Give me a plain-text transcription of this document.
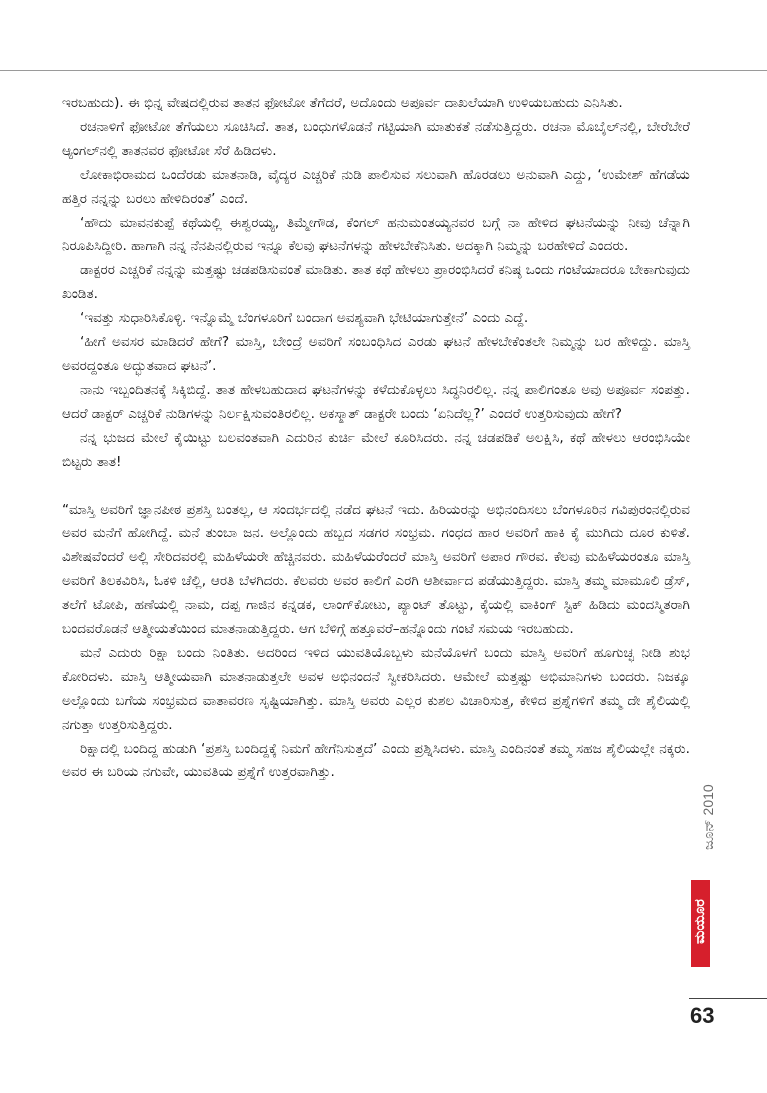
ಇರಬಹುದು). ಈ ಭಿನ್ನ ವೇಷದಲ್ಲಿರುವ ತಾತನ ಫೋಟೋ ತೆಗೆದರೆ, ಅದೊಂದು ಅಪೂರ್ವ ದಾಖಲೆಯಾಗಿ ಉಳಿಯಬಹುದು ಎನಿಸಿತು.

ರಚನಾಳಿಗೆ ಫೋಟೋ ತೆಗೆಯಲು ಸೂಚಿಸಿದೆ. ತಾತ, ಬಂಧುಗಳೊಡನೆ ಗಟ್ಟಿಯಾಗಿ ಮಾತುಕತೆ ನಡೆಸುತ್ತಿದ್ದರು. ರಚನಾ ಮೊಬೈಲ್‌ನಲ್ಲಿ, ಬೇರೆಬೇರೆ ಆ್ಯಂಗಲ್‌ನಲ್ಲಿ ತಾತನವರ ಫೋಟೋ ಸೆರೆ ಹಿಡಿದಳು.

ಲೋಕಾಭಿರಾಮದ ಒಂದೆರಡು ಮಾತನಾಡಿ, ವೈದ್ಯರ ಎಚ್ಚರಿಕೆ ನುಡಿ ಪಾಲಿಸುವ ಸಲುವಾಗಿ ಹೊರಡಲು ಅನುವಾಗಿ ಎದ್ದು, ‘ಉಮೇಶ್ ಹೆಗಡೆಯ ಹತ್ತಿರ ನನ್ನನ್ನು ಬರಲು ಹೇಳಿದಿರಂತೆ’ ಎಂದೆ.

‘ಹೌದು ಮಾವನಕುಪ್ಪೆ ಕಥೆಯಲ್ಲಿ ಈಶ್ವರಯ್ಯ, ತಿಮ್ಮೇಗೌಡ, ಕೆಂಗಲ್ ಹನುಮಂತಯ್ಯನವರ ಬಗ್ಗೆ ನಾ ಹೇಳಿದ ಘಟನೆಯನ್ನು ನೀವು ಚೆನ್ನಾಗಿ ನಿರೂಪಿಸಿದ್ದೀರಿ. ಹಾಗಾಗಿ ನನ್ನ ನೆನಪಿನಲ್ಲಿರುವ ಇನ್ನೂ ಕೆಲವು ಘಟನೆಗಳನ್ನು ಹೇಳಬೇಕೆನಿಸಿತು. ಅದಕ್ಕಾಗಿ ನಿಮ್ಮನ್ನು ಬರಹೇಳಿದೆ ಎಂದರು.

ಡಾಕ್ಟರರ ಎಚ್ಚರಿಕೆ ನನ್ನನ್ನು ಮತ್ತಷ್ಟು ಚಡಪಡಿಸುವಂತೆ ಮಾಡಿತು. ತಾತ ಕಥೆ ಹೇಳಲು ಪ್ರಾರಂಭಿಸಿದರೆ ಕನಿಷ್ಠ ಒಂದು ಗಂಟೆಯಾದರೂ ಬೇಕಾಗುವುದು ಖಂಡಿತ.

‘ಇವತ್ತು ಸುಧಾರಿಸಿಕೊಳ್ಳಿ. ಇನ್ನೊಮ್ಮೆ ಬೆಂಗಳೂರಿಗೆ ಬಂದಾಗ ಅವಶ್ಯವಾಗಿ ಭೇಟಿಯಾಗುತ್ತೇನೆ’ ಎಂದು ಎದ್ದೆ.

‘ಹೀಗೆ ಅವಸರ ಮಾಡಿದರೆ ಹೇಗೆ? ಮಾಸ್ತಿ, ಬೇಂದ್ರೆ ಅವರಿಗೆ ಸಂಬಂಧಿಸಿದ ಎರಡು ಘಟನೆ ಹೇಳಬೇಕೆಂತಲೇ ನಿಮ್ಮನ್ನು ಬರ ಹೇಳಿದ್ದು. ಮಾಸ್ತಿ ಅವರದ್ದಂತೂ ಅದ್ಭುತವಾದ ಘಟನೆ’.

ನಾನು ಇಬ್ಬಂದಿತನಕ್ಕೆ ಸಿಕ್ಕಿಬಿದ್ದೆ. ತಾತ ಹೇಳಬಹುದಾದ ಘಟನೆಗಳನ್ನು ಕಳೆದುಕೊಳ್ಳಲು ಸಿದ್ಧನಿರಲಿಲ್ಲ. ನನ್ನ ಪಾಲಿಗಂತೂ ಅವು ಅಪೂರ್ವ ಸಂಪತ್ತು. ಆದರೆ ಡಾಕ್ಟರ್ ಎಚ್ಚರಿಕೆ ನುಡಿಗಳನ್ನು ನಿರ್ಲಕ್ಷಿಸುವಂತಿರಲಿಲ್ಲ. ಅಕಸ್ಮಾತ್ ಡಾಕ್ಟರೇ ಬಂದು ‘ಏನಿದೆಲ್ಲ?’ ಎಂದರೆ ಉತ್ತರಿಸುವುದು ಹೇಗೆ?

ನನ್ನ ಭುಜದ ಮೇಲೆ ಕೈಯಿಟ್ಟು ಬಲವಂತವಾಗಿ ಎದುರಿನ ಕುರ್ಚಿ ಮೇಲೆ ಕೂರಿಸಿದರು. ನನ್ನ ಚಡಪಡಿಕೆ ಅಲಕ್ಷಿಸಿ, ಕಥೆ ಹೇಳಲು ಆರಂಭಿಸಿಯೇ ಬಿಟ್ಟರು ತಾತ!

“ಮಾಸ್ತಿ ಅವರಿಗೆ ಜ್ಞಾನಪೀಠ ಪ್ರಶಸ್ತಿ ಬಂತಲ್ಲ, ಆ ಸಂದರ್ಭದಲ್ಲಿ ನಡೆದ ಘಟನೆ ಇದು. ಹಿರಿಯರನ್ನು ಅಭಿನಂದಿಸಲು ಬೆಂಗಳೂರಿನ ಗವಿಪುರಂನಲ್ಲಿರುವ ಅವರ ಮನೆಗೆ ಹೋಗಿದ್ದೆ. ಮನೆ ತುಂಬಾ ಜನ. ಅಲ್ಲೊಂದು ಹಬ್ಬದ ಸಡಗರ ಸಂಭ್ರಮ. ಗಂಧದ ಹಾರ ಅವರಿಗೆ ಹಾಕಿ ಕೈ ಮುಗಿದು ದೂರ ಕುಳಿತೆ. ವಿಶೇಷವೆಂದರೆ ಅಲ್ಲಿ ಸೇರಿದವರಲ್ಲಿ ಮಹಿಳೆಯರೇ ಹೆಚ್ಚಿನವರು. ಮಹಿಳೆಯರೆಂದರೆ ಮಾಸ್ತಿ ಅವರಿಗೆ ಅಪಾರ ಗೌರವ. ಕೆಲವು ಮಹಿಳೆಯರಂತೂ ಮಾಸ್ತಿ ಅವರಿಗೆ ತಿಲಕವಿರಿಸಿ, ಓಕಳಿ ಚೆಲ್ಲಿ, ಆರತಿ ಬೆಳಗಿದರು. ಕೆಲವರು ಅವರ ಕಾಲಿಗೆ ಎರಗಿ ಆಶೀರ್ವಾದ ಪಡೆಯುತ್ತಿದ್ದರು. ಮಾಸ್ತಿ ತಮ್ಮ ಮಾಮೂಲಿ ಡ್ರೆಸ್, ತಲೆಗೆ ಟೋಪಿ, ಹಣೆಯಲ್ಲಿ ನಾಮ, ದಪ್ಪ ಗಾಜಿನ ಕನ್ನಡಕ, ಲಾಂಗ್‌ಕೋಟು, ಪ್ಯಾಂಟ್ ತೊಟ್ಟು, ಕೈಯಲ್ಲಿ ವಾಕಿಂಗ್ ಸ್ಟಿಕ್ ಹಿಡಿದು ಮಂದಸ್ಮಿತರಾಗಿ ಬಂದವರೊಡನೆ ಆತ್ಮೀಯತೆಯಿಂದ ಮಾತನಾಡುತ್ತಿದ್ದರು. ಆಗ ಬೆಳಿಗ್ಗೆ ಹತ್ತೂವರೆ–ಹನ್ನೊಂದು ಗಂಟೆ ಸಮಯ ಇರಬಹುದು.

ಮನೆ ಎದುರು ರಿಕ್ಷಾ ಬಂದು ನಿಂತಿತು. ಅದರಿಂದ ಇಳಿದ ಯುವತಿಯೊಬ್ಬಳು ಮನೆಯೊಳಗೆ ಬಂದು ಮಾಸ್ತಿ ಅವರಿಗೆ ಹೂಗುಚ್ಛ ನೀಡಿ ಶುಭ ಕೋರಿದಳು. ಮಾಸ್ತಿ ಆತ್ಮೀಯವಾಗಿ ಮಾತನಾಡುತ್ತಲೇ ಅವಳ ಅಭಿನಂದನೆ ಸ್ವೀಕರಿಸಿದರು. ಆಮೇಲೆ ಮತ್ತಷ್ಟು ಅಭಿಮಾನಿಗಳು ಬಂದರು. ನಿಜಕ್ಕೂ ಅಲ್ಲೊಂದು ಬಗೆಯ ಸಂಭ್ರಮದ ವಾತಾವರಣ ಸೃಷ್ಟಿಯಾಗಿತ್ತು. ಮಾಸ್ತಿ ಅವರು ಎಲ್ಲರ ಕುಶಲ ವಿಚಾರಿಸುತ್ತ, ಕೇಳಿದ ಪ್ರಶ್ನೆಗಳಿಗೆ ತಮ್ಮ ದೇ ಶೈಲಿಯಲ್ಲಿ ನಗುತ್ತಾ ಉತ್ತರಿಸುತ್ತಿದ್ದರು.

ರಿಕ್ಷಾದಲ್ಲಿ ಬಂದಿದ್ದ ಹುಡುಗಿ ‘ಪ್ರಶಸ್ತಿ ಬಂದಿದ್ದಕ್ಕೆ ನಿಮಗೆ ಹೇಗೆನಿಸುತ್ತದೆ’ ಎಂದು ಪ್ರಶ್ನಿಸಿದಳು. ಮಾಸ್ತಿ ಎಂದಿನಂತೆ ತಮ್ಮ ಸಹಜ ಶೈಲಿಯಲ್ಲೇ ನಕ್ಕರು. ಅವರ ಈ ಬರಿಯ ನಗುವೇ, ಯುವತಿಯ ಪ್ರಶ್ನೆಗೆ ಉತ್ತರವಾಗಿತ್ತು.

ಜೂನ್ 2010
ಮಯೂರ
63
